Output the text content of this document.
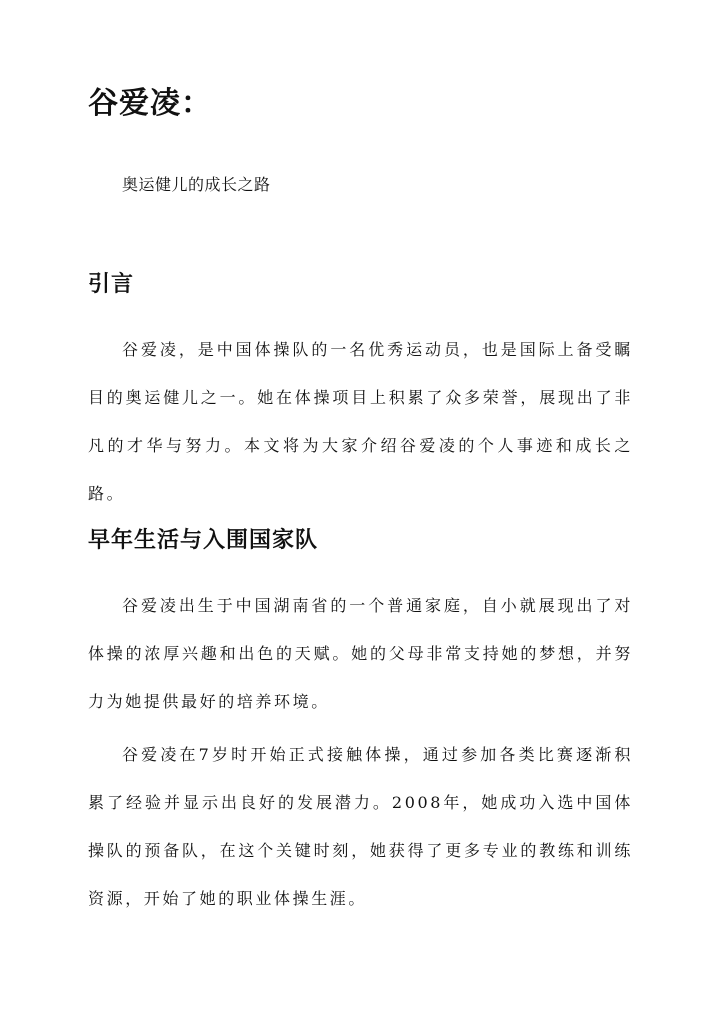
谷爱凌：

奥运健儿的成长之路

引言

谷爱凌，是中国体操队的一名优秀运动员，也是国际上备受瞩目的奥运健儿之一。她在体操项目上积累了众多荣誉，展现出了非凡的才华与努力。本文将为大家介绍谷爱凌的个人事迹和成长之路。

早年生活与入围国家队

谷爱凌出生于中国湖南省的一个普通家庭，自小就展现出了对体操的浓厚兴趣和出色的天赋。她的父母非常支持她的梦想，并努力为她提供最好的培养环境。

谷爱凌在7岁时开始正式接触体操，通过参加各类比赛逐渐积累了经验并显示出良好的发展潜力。2008年，她成功入选中国体操队的预备队，在这个关键时刻，她获得了更多专业的教练和训练资源，开始了她的职业体操生涯。
